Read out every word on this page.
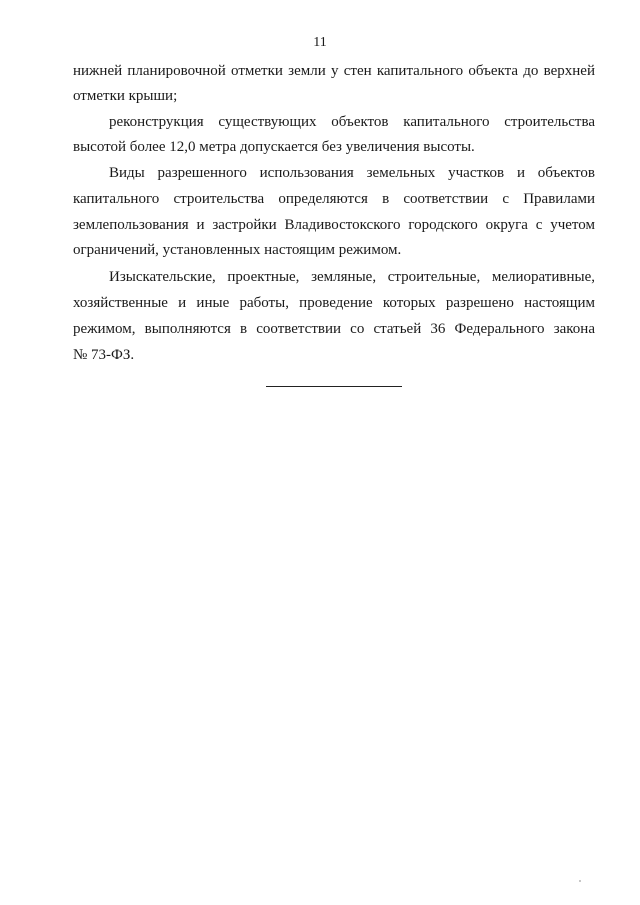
11
нижней планировочной отметки земли у стен капитального объекта до верхней
отметки крыши;
реконструкция существующих объектов капитального строительства
высотой более 12,0 метра допускается без увеличения высоты.
Виды разрешенного использования земельных участков и объектов
капитального строительства определяются в соответствии с Правилами
землепользования и застройки Владивостокского городского округа с учетом
ограничений, установленных настоящим режимом.
Изыскательские, проектные, земляные, строительные, мелиоративные,
хозяйственные и иные работы, проведение которых разрешено настоящим
режимом, выполняются в соответствии со статьей 36 Федерального закона
№ 73-ФЗ.
